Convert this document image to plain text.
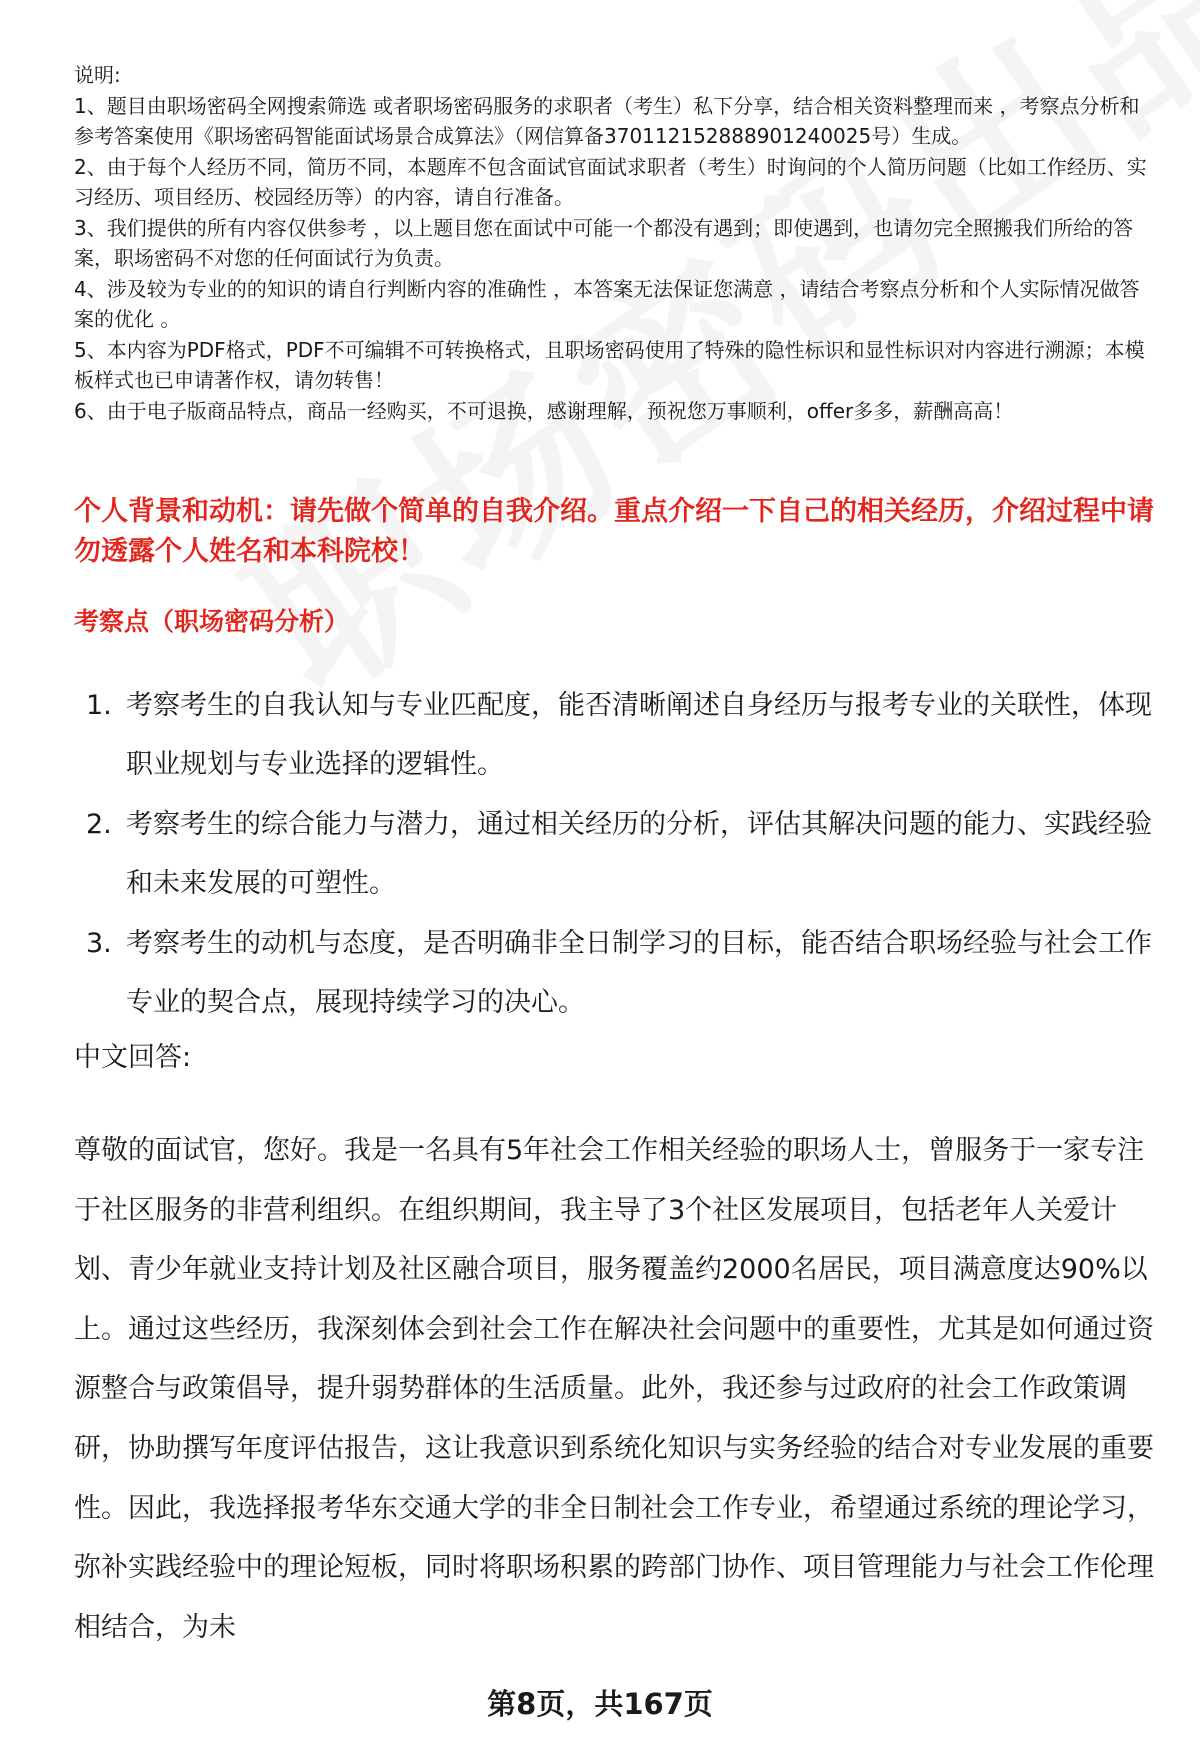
说明:

1、题目由职场密码全网搜索筛选 或者职场密码服务的求职者（考生）私下分享，结合相关资料整理而来 ，考察点分析和参考答案使用《职场密码智能面试场景合成算法》（网信算备370112152888901240025号）生成。

2、由于每个人经历不同，简历不同，本题库不包含面试官面试求职者（考生）时询问的个人简历问题（比如工作经历、实习经历、项目经历、校园经历等）的内容，请自行准备。

3、我们提供的所有内容仅供参考 ，以上题目您在面试中可能一个都没有遇到；即使遇到，也请勿完全照搬我们所给的答案，职场密码不对您的任何面试行为负责。

4、涉及较为专业的的知识的请自行判断内容的准确性 ，本答案无法保证您满意 ，请结合考察点分析和个人实际情况做答案的优化 。

5、本内容为PDF格式，PDF不可编辑不可转换格式，且职场密码使用了特殊的隐性标识和显性标识对内容进行溯源；本模板样式也已申请著作权，请勿转售！

6、由于电子版商品特点，商品一经购买，不可退换，感谢理解，预祝您万事顺利，offer多多，薪酬高高！

个人背景和动机：请先做个简单的自我介绍。重点介绍一下自己的相关经历，介绍过程中请勿透露个人姓名和本科院校！
考察点（职场密码分析）
1. 考察考生的自我认知与专业匹配度，能否清晰阐述自身经历与报考专业的关联性，体现职业规划与专业选择的逻辑性。
2. 考察考生的综合能力与潜力，通过相关经历的分析，评估其解决问题的能力、实践经验和未来发展的可塑性。
3. 考察考生的动机与态度，是否明确非全日制学习的目标，能否结合职场经验与社会工作专业的契合点，展现持续学习的决心。
中文回答:

尊敬的面试官，您好。我是一名具有5年社会工作相关经验的职场人士，曾服务于一家专注于社区服务的非营利组织。在组织期间，我主导了3个社区发展项目，包括老年人关爱计划、青少年就业支持计划及社区融合项目，服务覆盖约2000名居民，项目满意度达90%以上。通过这些经历，我深刻体会到社会工作在解决社会问题中的重要性，尤其是如何通过资源整合与政策倡导，提升弱势群体的生活质量。此外，我还参与过政府的社会工作政策调研，协助撰写年度评估报告，这让我意识到系统化知识与实务经验的结合对专业发展的重要性。因此，我选择报考华东交通大学的非全日制社会工作专业，希望通过系统的理论学习，弥补实践经验中的理论短板，同时将职场积累的跨部门协作、项目管理能力与社会工作伦理相结合，为未

第8页，共167页
